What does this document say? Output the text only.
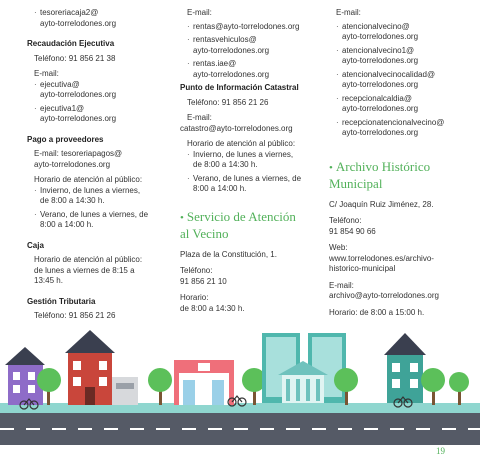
· tesoreriacaja2@
ayto-torrelodones.org
Recaudación Ejecutiva
Teléfono: 91 856 21 38
E-mail:
· ejecutiva@
ayto-torrelodones.org
· ejecutiva1@
ayto-torrelodones.org
Pago a proveedores
E-mail: tesoreriapagos@
ayto-torrelodones.org
Horario de atención al público:
· Invierno, de lunes a viernes,
de 8:00 a 14:30 h.
· Verano, de lunes a viernes, de
8:00 a 14:00 h.
Caja
Horario de atención al público:
de lunes a viernes de 8:15 a
13:45 h.
Gestión Tributaria
Teléfono: 91 856 21 26
E-mail:
· rentas@ayto-torrelodones.org
· rentasvehiculos@
ayto-torrelodones.org
· rentas.iae@
ayto-torrelodones.org
Punto de Información Catastral
Teléfono: 91 856 21 26
E-mail:
catastro@ayto-torrelodones.org
Horario de atención al público:
· Invierno, de lunes a viernes,
de 8:00 a 14:30 h.
· Verano, de lunes a viernes, de
8:00 a 14:00 h.
• Servicio de Atención
al Vecino
Plaza de la Constitución, 1.
Teléfono:
91 856 21 10
Horario:
de 8:00 a 14:30 h.
E-mail:
· atencionalvecino@
ayto-torrelodones.org
· atencionalvecino1@
ayto-torrelodones.org
· atencionalvecinocalidad@
ayto-torrelodones.org
· recepcionalcaldia@
ayto-torrelodones.org
· recepcionatencionalvecino@
ayto-torrelodones.org
• Archivo Histórico
Municipal
C/ Joaquín Ruiz Jiménez, 28.
Teléfono:
91 854 90 66
Web:
www.torrelodones.es/archivo-
historico-municipal
E-mail:
archivo@ayto-torrelodones.org
Horario: de 8:00 a 15:00 h.
19
